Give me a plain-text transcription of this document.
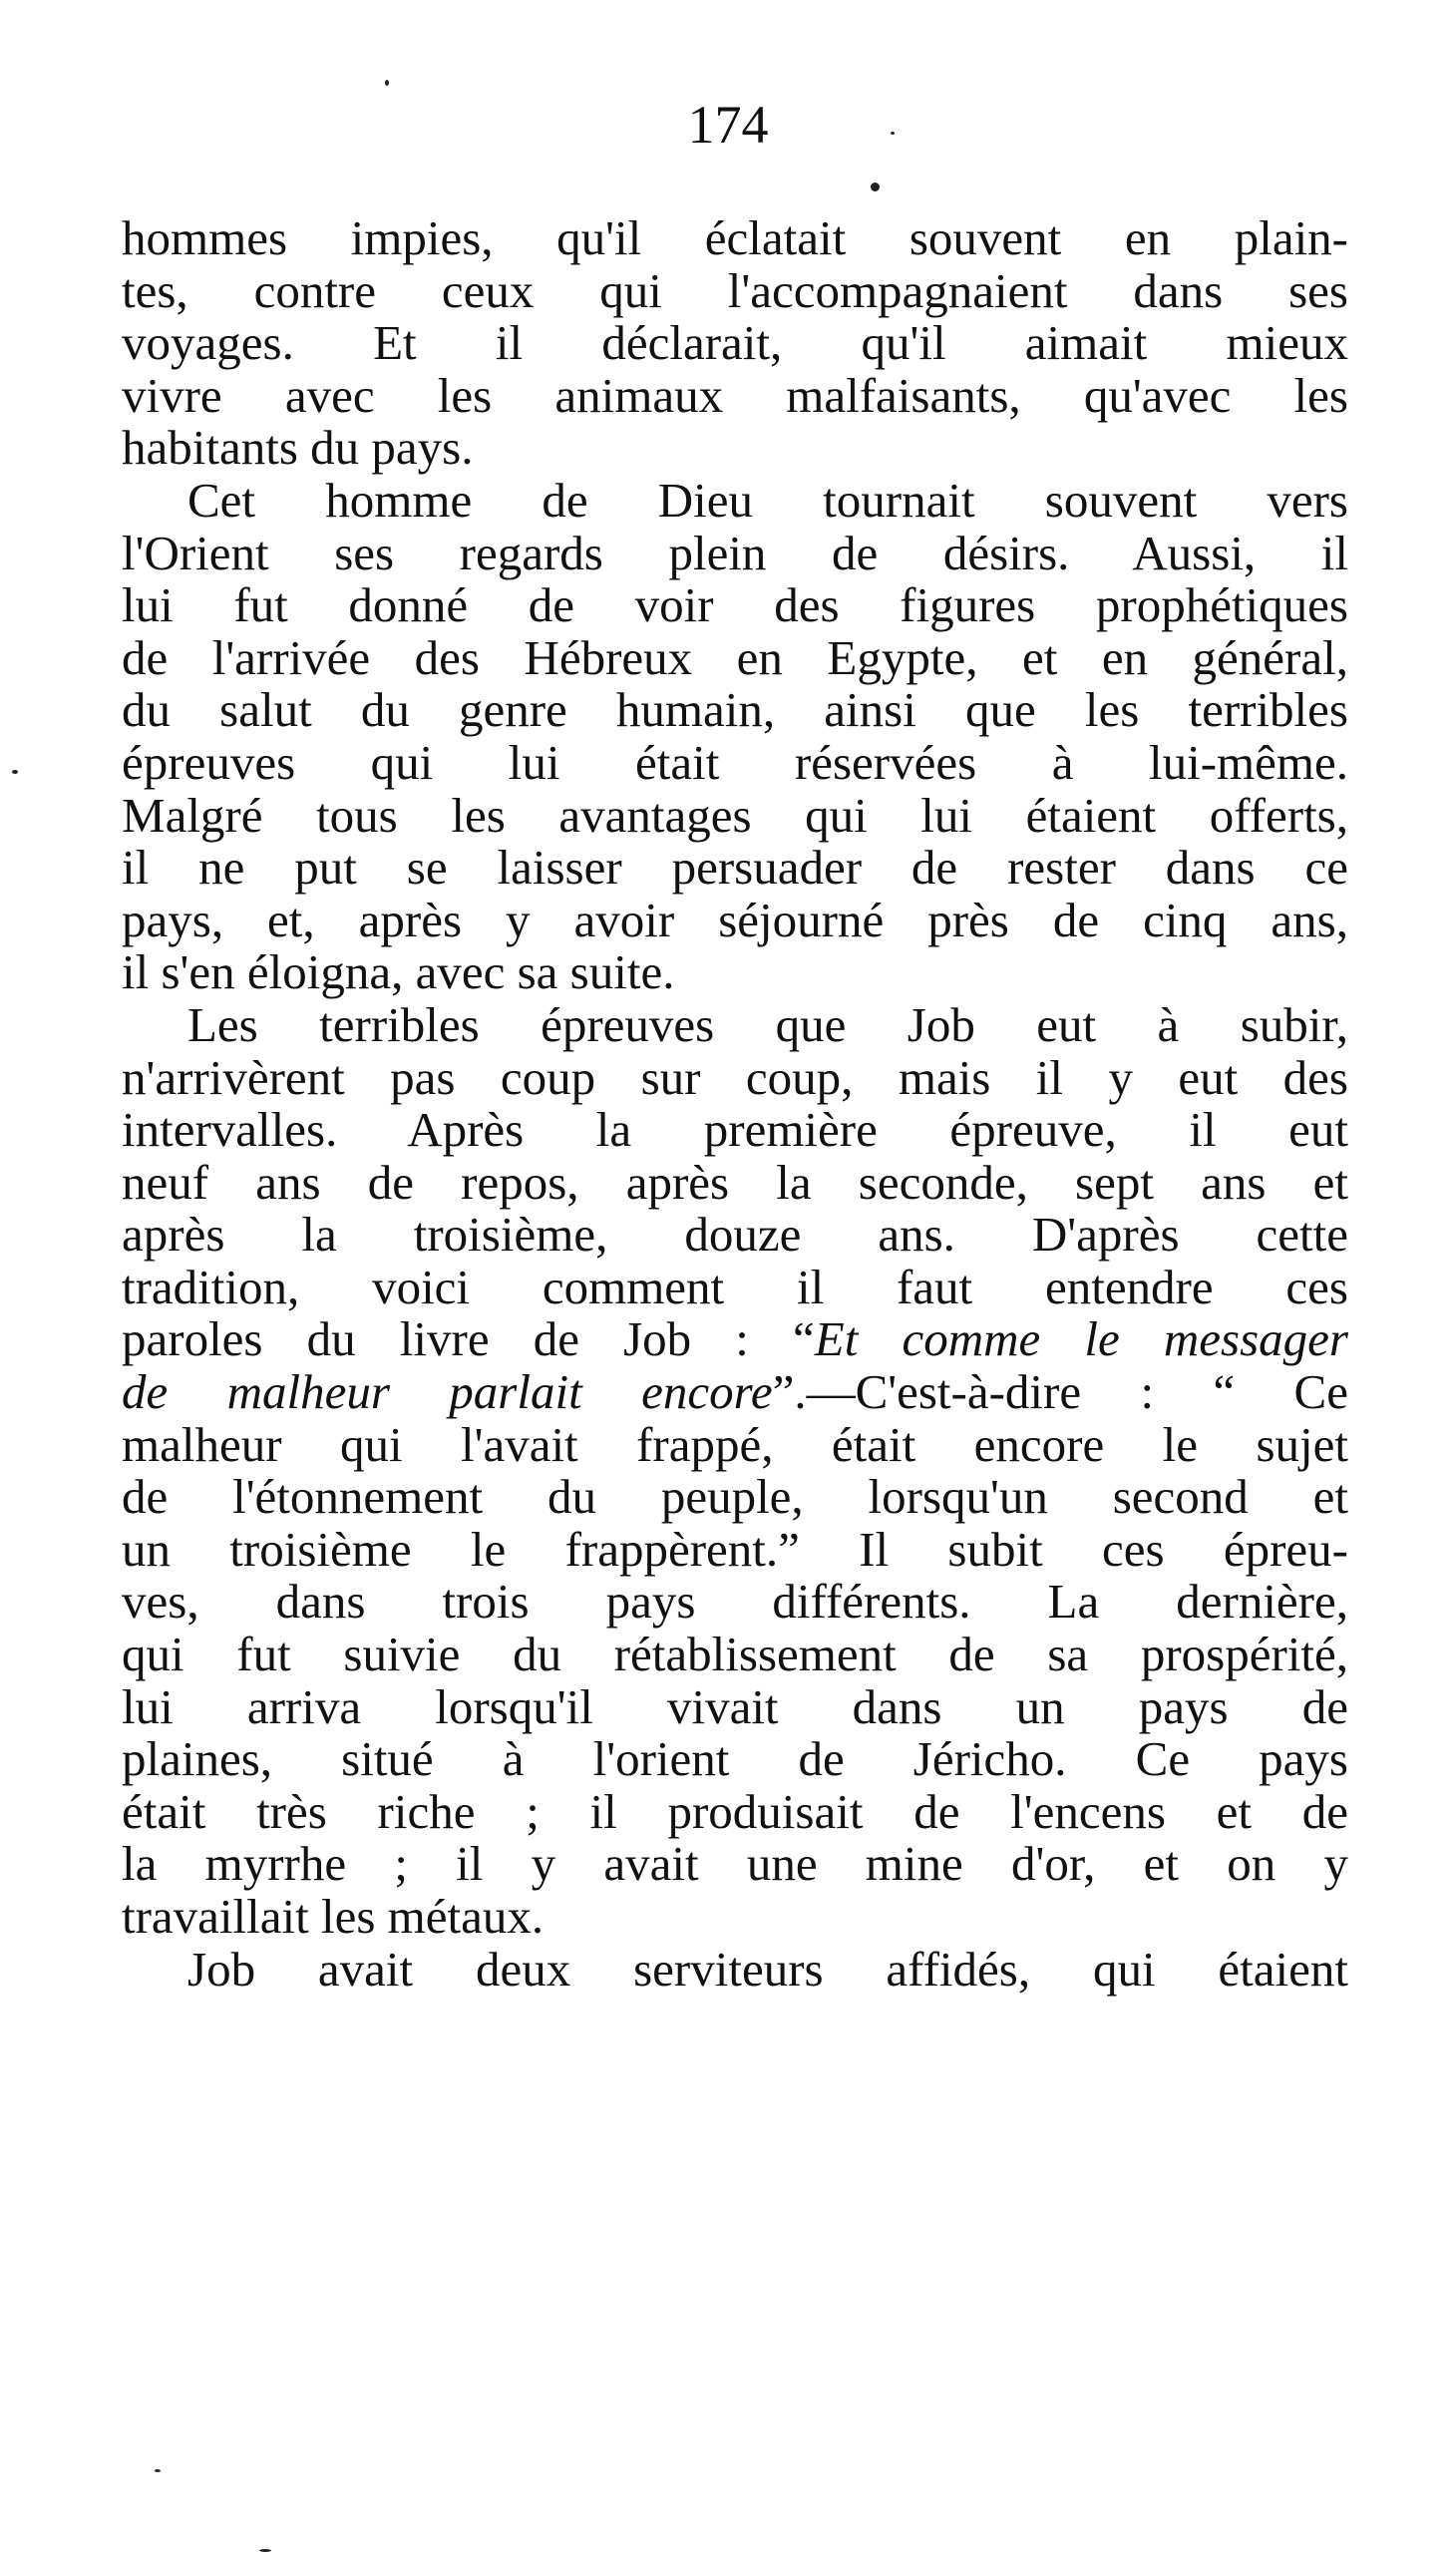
174
hommes impies, qu'il éclatait souvent en plain-
tes, contre ceux qui l'accompagnaient dans ses
voyages. Et il déclarait, qu'il aimait mieux
vivre avec les animaux malfaisants, qu'avec les
habitants du pays.
Cet homme de Dieu tournait souvent vers
l'Orient ses regards plein de désirs. Aussi, il
lui fut donné de voir des figures prophétiques
de l'arrivée des Hébreux en Egypte, et en général,
du salut du genre humain, ainsi que les terribles
épreuves qui lui était réservées à lui-même.
Malgré tous les avantages qui lui étaient offerts,
il ne put se laisser persuader de rester dans ce
pays, et, après y avoir séjourné près de cinq ans,
il s'en éloigna, avec sa suite.
Les terribles épreuves que Job eut à subir,
n'arrivèrent pas coup sur coup, mais il y eut des
intervalles. Après la première épreuve, il eut
neuf ans de repos, après la seconde, sept ans et
après la troisième, douze ans. D'après cette
tradition, voici comment il faut entendre ces
paroles du livre de Job : “Et comme le messager
de malheur parlait encore”.—C'est-à-dire : “ Ce
malheur qui l'avait frappé, était encore le sujet
de l'étonnement du peuple, lorsqu'un second et
un troisième le frappèrent.” Il subit ces épreu-
ves, dans trois pays différents. La dernière,
qui fut suivie du rétablissement de sa prospérité,
lui arriva lorsqu'il vivait dans un pays de
plaines, situé à l'orient de Jéricho. Ce pays
était très riche ; il produisait de l'encens et de
la myrrhe ; il y avait une mine d'or, et on y
travaillait les métaux.
Job avait deux serviteurs affidés, qui étaient
